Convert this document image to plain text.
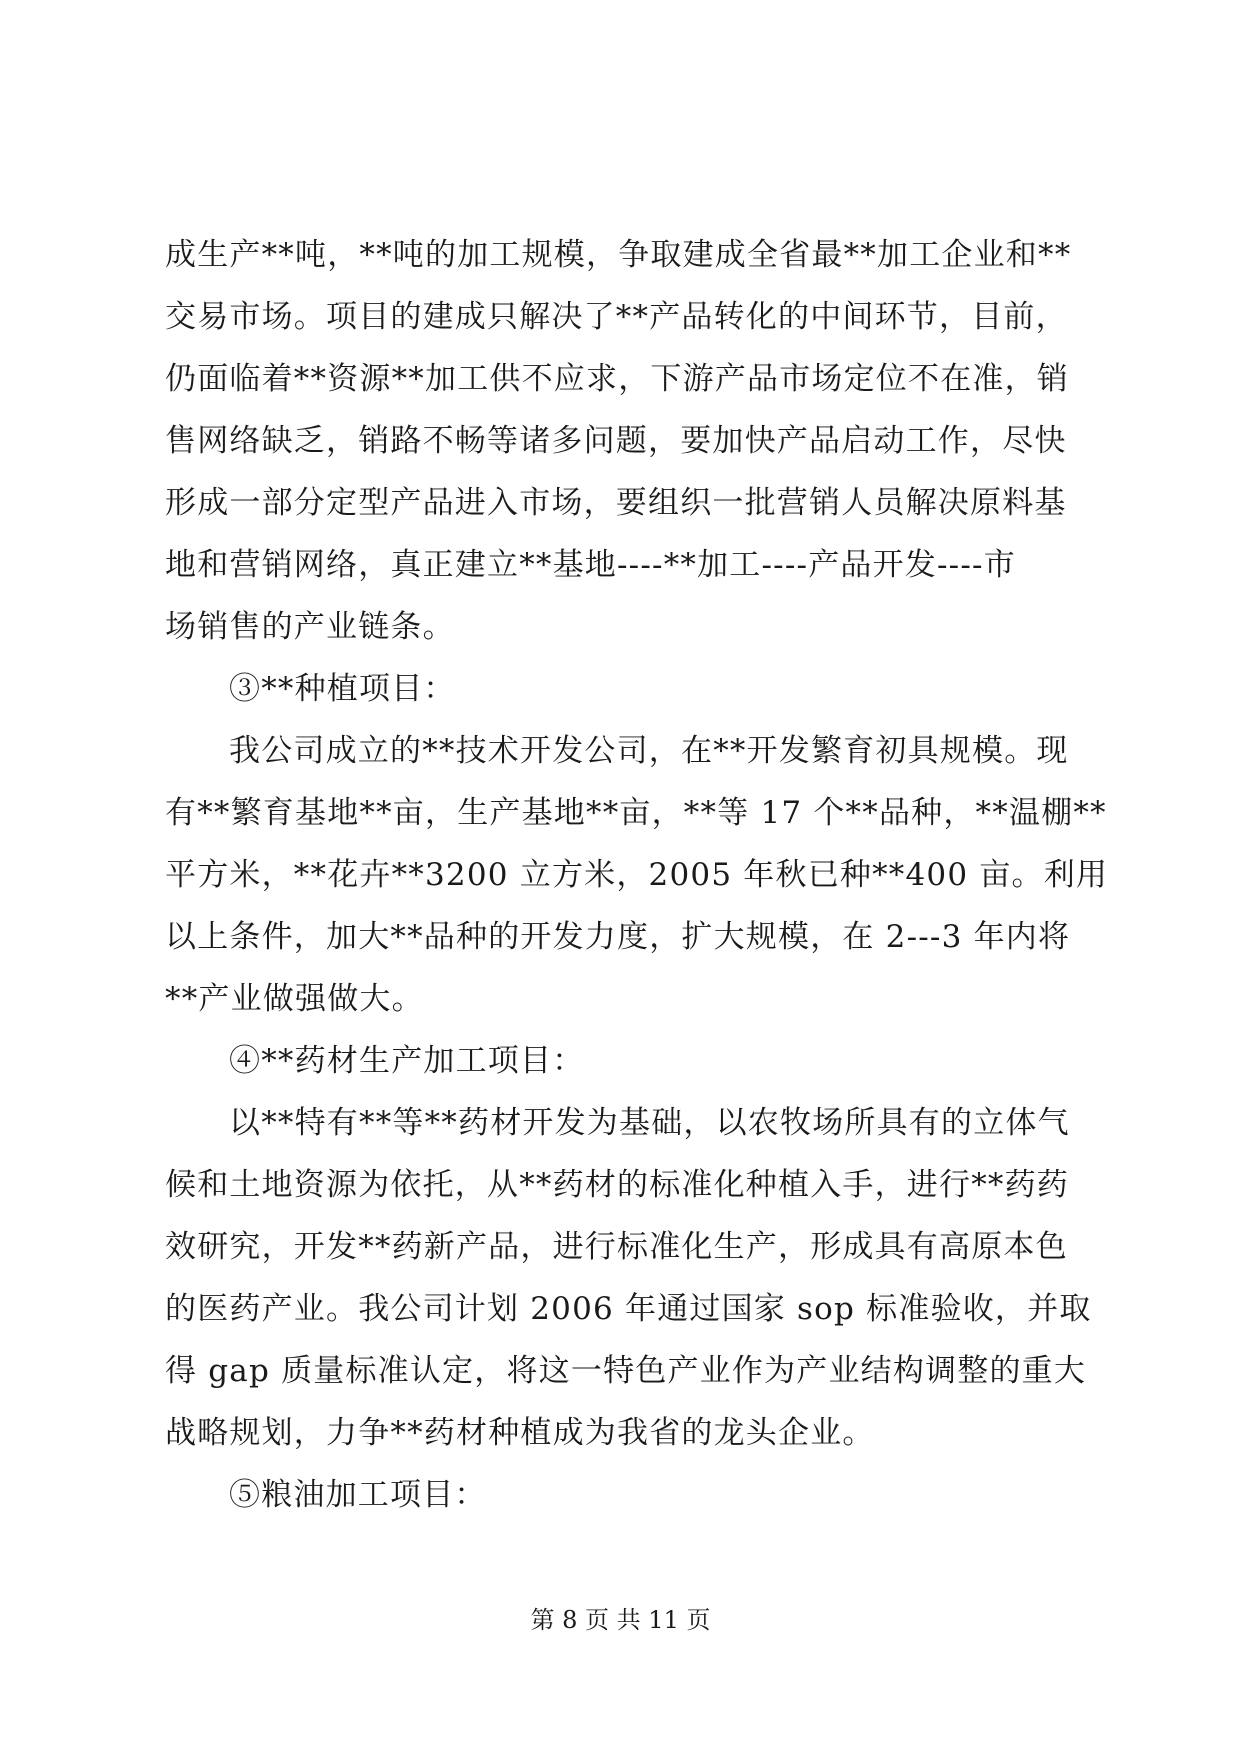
成生产**吨，**吨的加工规模，争取建成全省最**加工企业和**
交易市场。项目的建成只解决了**产品转化的中间环节，目前，
仍面临着**资源**加工供不应求，下游产品市场定位不在准，销
售网络缺乏，销路不畅等诸多问题，要加快产品启动工作，尽快
形成一部分定型产品进入市场，要组织一批营销人员解决原料基
地和营销网络，真正建立**基地----**加工----产品开发----市
场销售的产业链条。
③**种植项目：
我公司成立的**技术开发公司，在**开发繁育初具规模。现
有**繁育基地**亩，生产基地**亩，**等 17 个**品种，**温棚**
平方米，**花卉**3200 立方米，2005 年秋已种**400 亩。利用
以上条件，加大**品种的开发力度，扩大规模，在 2---3 年内将
**产业做强做大。
④**药材生产加工项目：
以**特有**等**药材开发为基础，以农牧场所具有的立体气
候和土地资源为依托，从**药材的标准化种植入手，进行**药药
效研究，开发**药新产品，进行标准化生产，形成具有高原本色
的医药产业。我公司计划 2006 年通过国家 sop 标准验收，并取
得 gap 质量标准认定，将这一特色产业作为产业结构调整的重大
战略规划，力争**药材种植成为我省的龙头企业。
⑤粮油加工项目：
第 8 页 共 11 页
